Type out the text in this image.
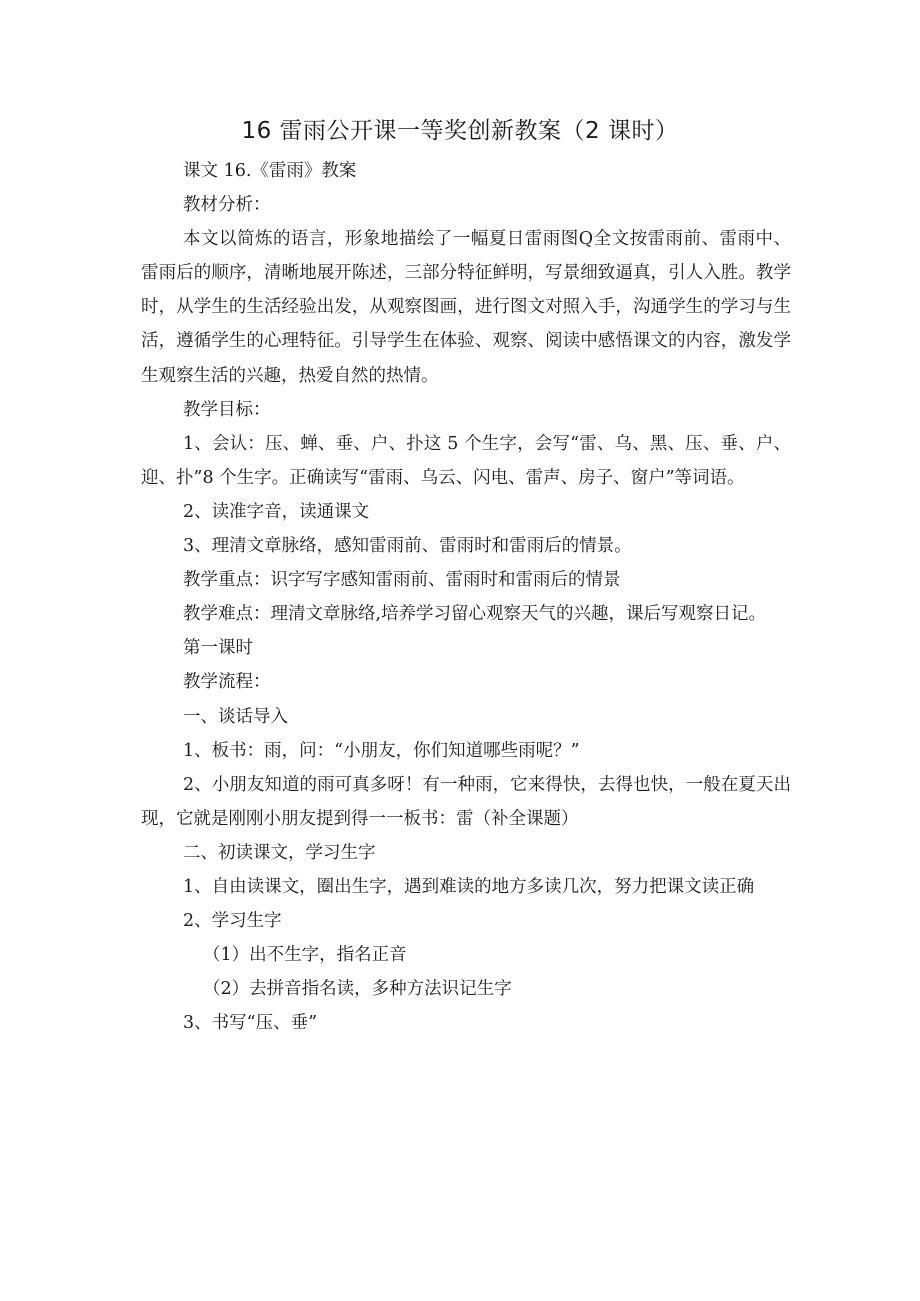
16 雷雨公开课一等奖创新教案（2 课时）

课文 16.《雷雨》教案

教材分析：

本文以简炼的语言，形象地描绘了一幅夏日雷雨图Q全文按雷雨前、雷雨中、雷雨后的顺序，清晰地展开陈述，三部分特征鲜明，写景细致逼真，引人入胜。教学时，从学生的生活经验出发，从观察图画，进行图文对照入手，沟通学生的学习与生活，遵循学生的心理特征。引导学生在体验、观察、阅读中感悟课文的内容，激发学生观察生活的兴趣，热爱自然的热情。

教学目标：

1、会认：压、蝉、垂、户、扑这 5 个生字，会写“雷、乌、黑、压、垂、户、迎、扑”8 个生字。正确读写“雷雨、乌云、闪电、雷声、房子、窗户”等词语。

2、读准字音，读通课文

3、理清文章脉络，感知雷雨前、雷雨时和雷雨后的情景。

教学重点：识字写字感知雷雨前、雷雨时和雷雨后的情景

教学难点：理清文章脉络,培养学习留心观察天气的兴趣，课后写观察日记。

第一课时

教学流程：

一、谈话导入

1、板书：雨，问：“小朋友，你们知道哪些雨呢？”

2、小朋友知道的雨可真多呀！有一种雨，它来得快，去得也快，一般在夏天出现，它就是刚刚小朋友提到得一一板书：雷（补全课题）

二、初读课文，学习生字

1、自由读课文，圈出生字，遇到难读的地方多读几次，努力把课文读正确

2、学习生字

（1）出不生字，指名正音

（2）去拼音指名读，多种方法识记生字

3、书写“压、垂”
